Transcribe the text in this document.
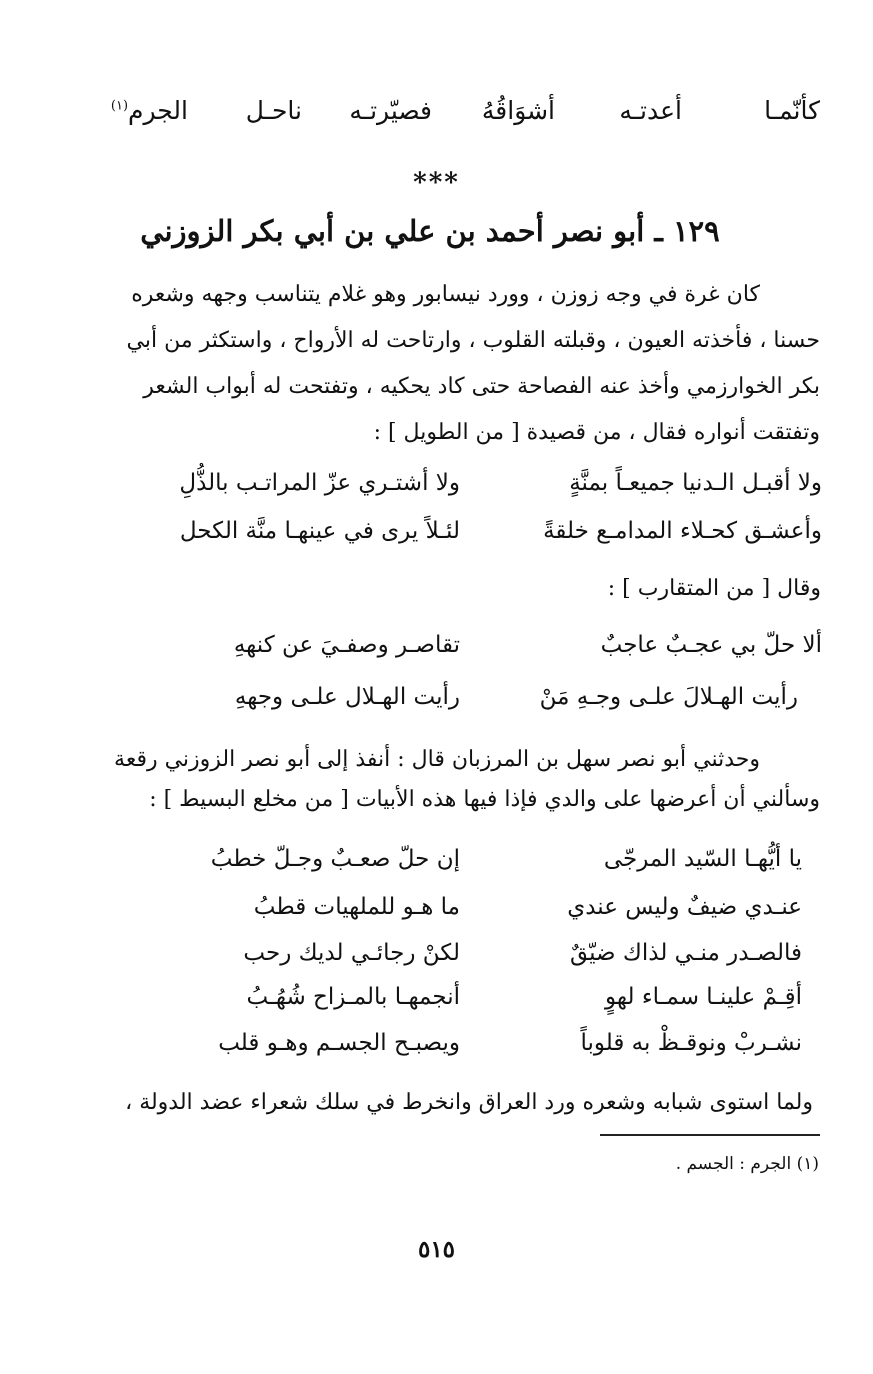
كأنّمـا
أعدتـه
أشوَاقُهُ
فصيّرتـه
ناحـل
الجرم$^{(١)}$
***
١٢٩ ـ أبو نصر أحمد بن علي بن أبي بكر الزوزني
كان غرة في وجه زوزن ، وورد نيسابور وهو غلام يتناسب وجهه وشعره
حسنا ، فأخذته العيون ، وقبلته القلوب ، وارتاحت له الأرواح ، واستكثر من أبي
بكر الخوارزمي وأخذ عنه الفصاحة حتى كاد يحكيه ، وتفتحت له أبواب الشعر
وتفتقت أنواره فقال ، من قصيدة [ من الطويل ] :
ولا أقبـل الـدنيا جميعـاً بمنَّةٍ
ولا أشتـري عزّ المراتـب بالذُّلِ
وأعشـق كحـلاء المدامـع خلقةً
لئـلاً يرى في عينهـا منَّة الكحل
وقال [ من المتقارب ] :
ألا حلّ بي عجـبٌ عاجبٌ
تقاصـر وصفـيَ عن كنههِ
رأيت الهـلالَ علـى وجـهِ مَنْ
رأيت الهـلال علـى وجههِ
وحدثني أبو نصر سهل بن المرزبان قال : أنفذ إلى أبو نصر الزوزني رقعة
وسألني أن أعرضها على والدي فإذا فيها هذه الأبيات [ من مخلع البسيط ] :
يا أيُّهـا السّيد المرجّى
إن حلّ صعـبٌ وجـلّ خطبُ
عنـدي ضيفٌ وليس عندي
ما هـو للملهيات قطبُ
فالصـدر منـي لذاك ضيّقٌ
لكنْ رجائـي لديك رحب
أقِـمْ علينـا سمـاء لهوٍ
أنجمهـا بالمـزاح شُهُـبُ
نشـربْ ونوقـظْ به قلوباً
ويصبـح الجسـم وهـو قلب
ولما استوى شبابه وشعره ورد العراق وانخرط في سلك شعراء عضد الدولة ،
(١) الجرم : الجسم .
٥١٥
